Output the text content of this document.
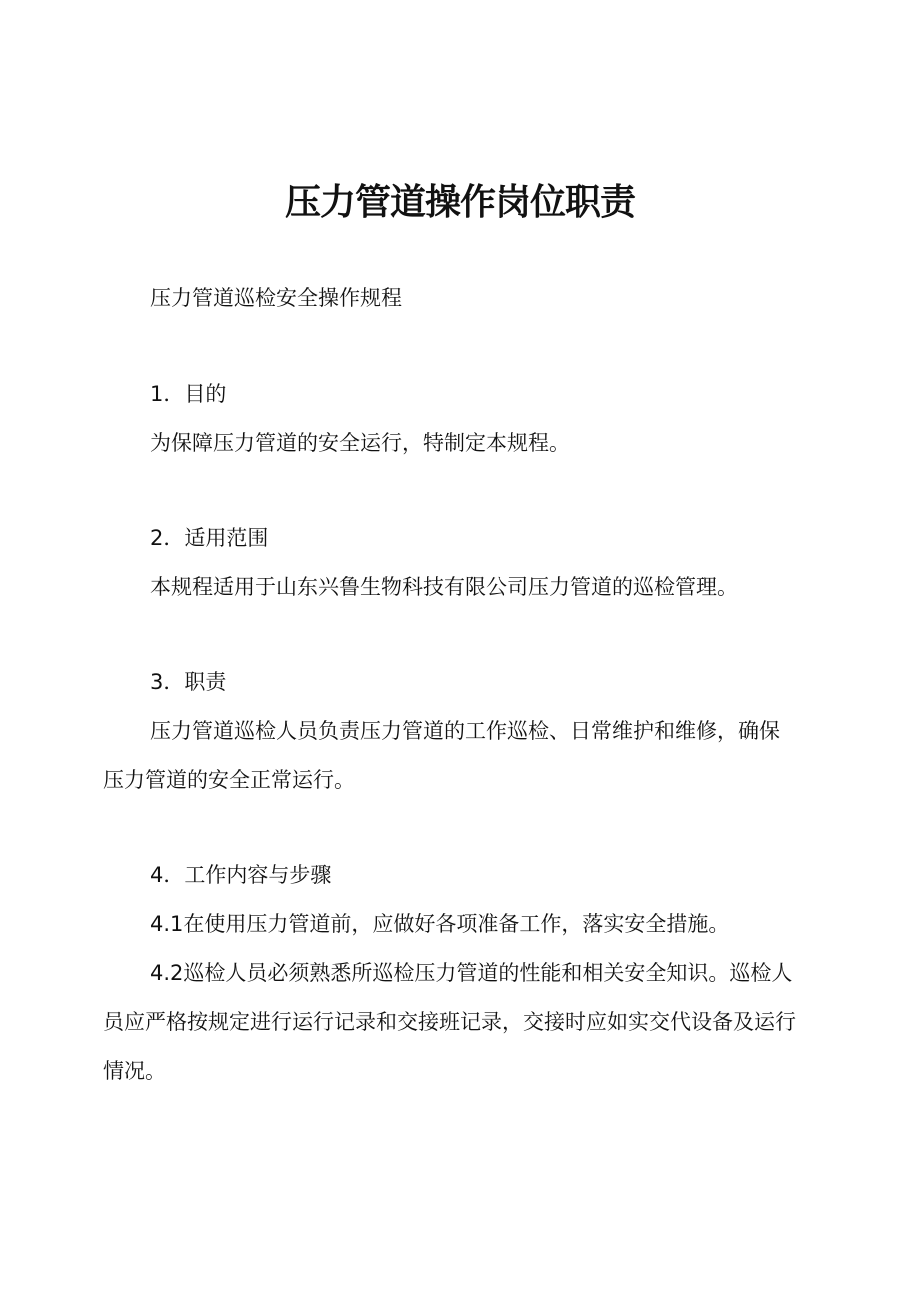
压力管道操作岗位职责
压力管道巡检安全操作规程
1．目的
为保障压力管道的安全运行，特制定本规程。
2．适用范围
本规程适用于山东兴鲁生物科技有限公司压力管道的巡检管理。
3．职责
压力管道巡检人员负责压力管道的工作巡检、日常维护和维修，确保
压力管道的安全正常运行。
4．工作内容与步骤
4.1在使用压力管道前，应做好各项准备工作，落实安全措施。
4.2巡检人员必须熟悉所巡检压力管道的性能和相关安全知识。巡检人
员应严格按规定进行运行记录和交接班记录，交接时应如实交代设备及运行
情况。
